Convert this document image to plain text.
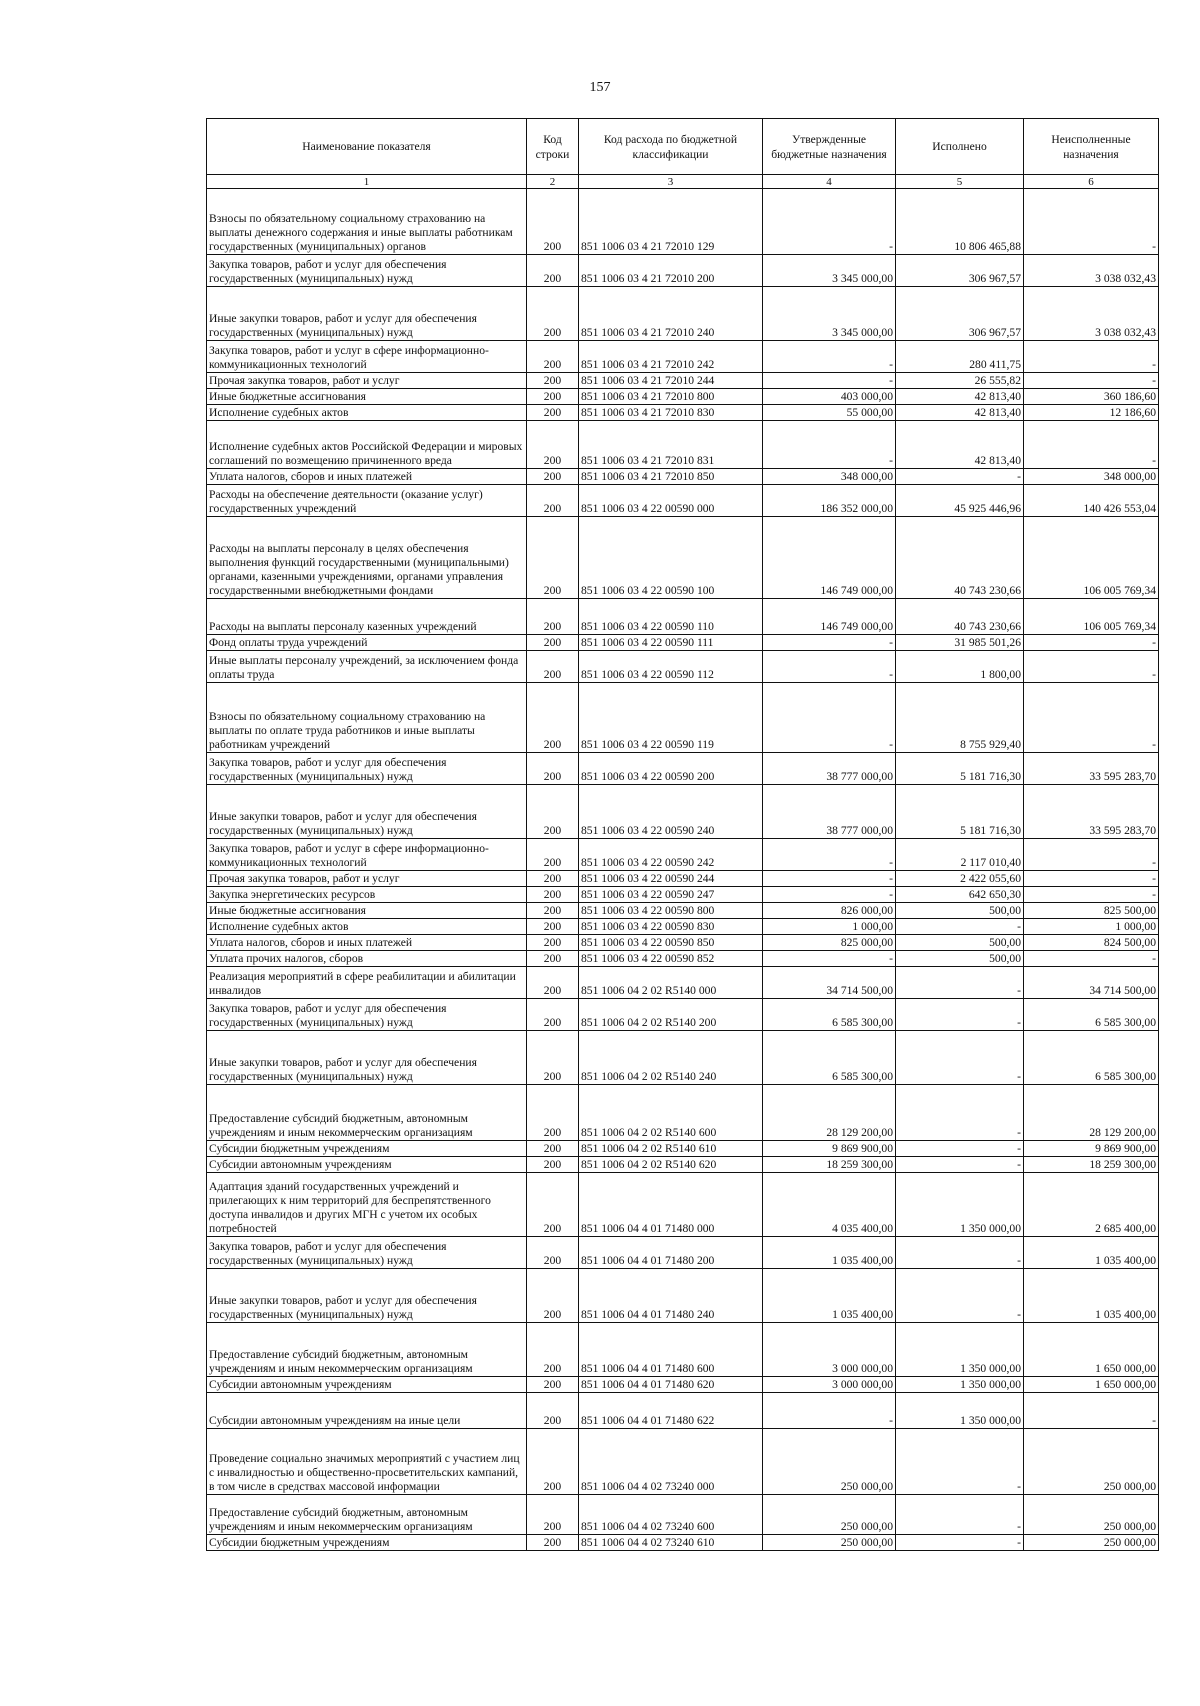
157
Наименование показателя	Код строки	Код расхода по бюджетной классификации	Утвержденные бюджетные назначения	Исполнено	Неисполненные назначения
1	2	3	4	5	6
Взносы по обязательному социальному страхованию на выплаты денежного содержания и иные выплаты работникам государственных (муниципальных) органов	200	851 1006 03 4 21 72010 129	-	10 806 465,88	-
Закупка товаров, работ и услуг для обеспечения государственных (муниципальных) нужд	200	851 1006 03 4 21 72010 200	3 345 000,00	306 967,57	3 038 032,43
Иные закупки товаров, работ и услуг для обеспечения государственных (муниципальных) нужд	200	851 1006 03 4 21 72010 240	3 345 000,00	306 967,57	3 038 032,43
Закупка товаров, работ и услуг в сфере информационно-коммуникационных технологий	200	851 1006 03 4 21 72010 242	-	280 411,75	-
Прочая закупка товаров, работ и услуг	200	851 1006 03 4 21 72010 244	-	26 555,82	-
Иные бюджетные ассигнования	200	851 1006 03 4 21 72010 800	403 000,00	42 813,40	360 186,60
Исполнение судебных актов	200	851 1006 03 4 21 72010 830	55 000,00	42 813,40	12 186,60
Исполнение судебных актов Российской Федерации и мировых соглашений по возмещению причиненного вреда	200	851 1006 03 4 21 72010 831	-	42 813,40	-
Уплата налогов, сборов и иных платежей	200	851 1006 03 4 21 72010 850	348 000,00	-	348 000,00
Расходы на обеспечение деятельности (оказание услуг) государственных учреждений	200	851 1006 03 4 22 00590 000	186 352 000,00	45 925 446,96	140 426 553,04
Расходы на выплаты персоналу в целях обеспечения выполнения функций государственными (муниципальными) органами, казенными учреждениями, органами управления государственными внебюджетными фондами	200	851 1006 03 4 22 00590 100	146 749 000,00	40 743 230,66	106 005 769,34
Расходы на выплаты персоналу казенных учреждений	200	851 1006 03 4 22 00590 110	146 749 000,00	40 743 230,66	106 005 769,34
Фонд оплаты труда учреждений	200	851 1006 03 4 22 00590 111	-	31 985 501,26	-
Иные выплаты персоналу учреждений, за исключением фонда оплаты труда	200	851 1006 03 4 22 00590 112	-	1 800,00	-
Взносы по обязательному социальному страхованию на выплаты по оплате труда работников и иные выплаты работникам учреждений	200	851 1006 03 4 22 00590 119	-	8 755 929,40	-
Закупка товаров, работ и услуг для обеспечения государственных (муниципальных) нужд	200	851 1006 03 4 22 00590 200	38 777 000,00	5 181 716,30	33 595 283,70
Иные закупки товаров, работ и услуг для обеспечения государственных (муниципальных) нужд	200	851 1006 03 4 22 00590 240	38 777 000,00	5 181 716,30	33 595 283,70
Закупка товаров, работ и услуг в сфере информационно-коммуникационных технологий	200	851 1006 03 4 22 00590 242	-	2 117 010,40	-
Прочая закупка товаров, работ и услуг	200	851 1006 03 4 22 00590 244	-	2 422 055,60	-
Закупка энергетических ресурсов	200	851 1006 03 4 22 00590 247	-	642 650,30	-
Иные бюджетные ассигнования	200	851 1006 03 4 22 00590 800	826 000,00	500,00	825 500,00
Исполнение судебных актов	200	851 1006 03 4 22 00590 830	1 000,00	-	1 000,00
Уплата налогов, сборов и иных платежей	200	851 1006 03 4 22 00590 850	825 000,00	500,00	824 500,00
Уплата прочих налогов, сборов	200	851 1006 03 4 22 00590 852	-	500,00	-
Реализация мероприятий в сфере реабилитации и абилитации инвалидов	200	851 1006 04 2 02 R5140 000	34 714 500,00	-	34 714 500,00
Закупка товаров, работ и услуг для обеспечения государственных (муниципальных) нужд	200	851 1006 04 2 02 R5140 200	6 585 300,00	-	6 585 300,00
Иные закупки товаров, работ и услуг для обеспечения государственных (муниципальных) нужд	200	851 1006 04 2 02 R5140 240	6 585 300,00	-	6 585 300,00
Предоставление субсидий бюджетным, автономным учреждениям и иным некоммерческим организациям	200	851 1006 04 2 02 R5140 600	28 129 200,00	-	28 129 200,00
Субсидии бюджетным учреждениям	200	851 1006 04 2 02 R5140 610	9 869 900,00	-	9 869 900,00
Субсидии автономным учреждениям	200	851 1006 04 2 02 R5140 620	18 259 300,00	-	18 259 300,00
Адаптация зданий государственных учреждений и прилегающих к ним территорий для беспрепятственного доступа инвалидов и других МГН с учетом их особых потребностей	200	851 1006 04 4 01 71480 000	4 035 400,00	1 350 000,00	2 685 400,00
Закупка товаров, работ и услуг для обеспечения государственных (муниципальных) нужд	200	851 1006 04 4 01 71480 200	1 035 400,00	-	1 035 400,00
Иные закупки товаров, работ и услуг для обеспечения государственных (муниципальных) нужд	200	851 1006 04 4 01 71480 240	1 035 400,00	-	1 035 400,00
Предоставление субсидий бюджетным, автономным учреждениям и иным некоммерческим организациям	200	851 1006 04 4 01 71480 600	3 000 000,00	1 350 000,00	1 650 000,00
Субсидии автономным учреждениям	200	851 1006 04 4 01 71480 620	3 000 000,00	1 350 000,00	1 650 000,00
Субсидии автономным учреждениям на иные цели	200	851 1006 04 4 01 71480 622	-	1 350 000,00	-
Проведение социально значимых мероприятий с участием лиц с инвалидностью и общественно-просветительских кампаний, в том числе в средствах массовой информации	200	851 1006 04 4 02 73240 000	250 000,00	-	250 000,00
Предоставление субсидий бюджетным, автономным учреждениям и иным некоммерческим организациям	200	851 1006 04 4 02 73240 600	250 000,00	-	250 000,00
Субсидии бюджетным учреждениям	200	851 1006 04 4 02 73240 610	250 000,00	-	250 000,00
